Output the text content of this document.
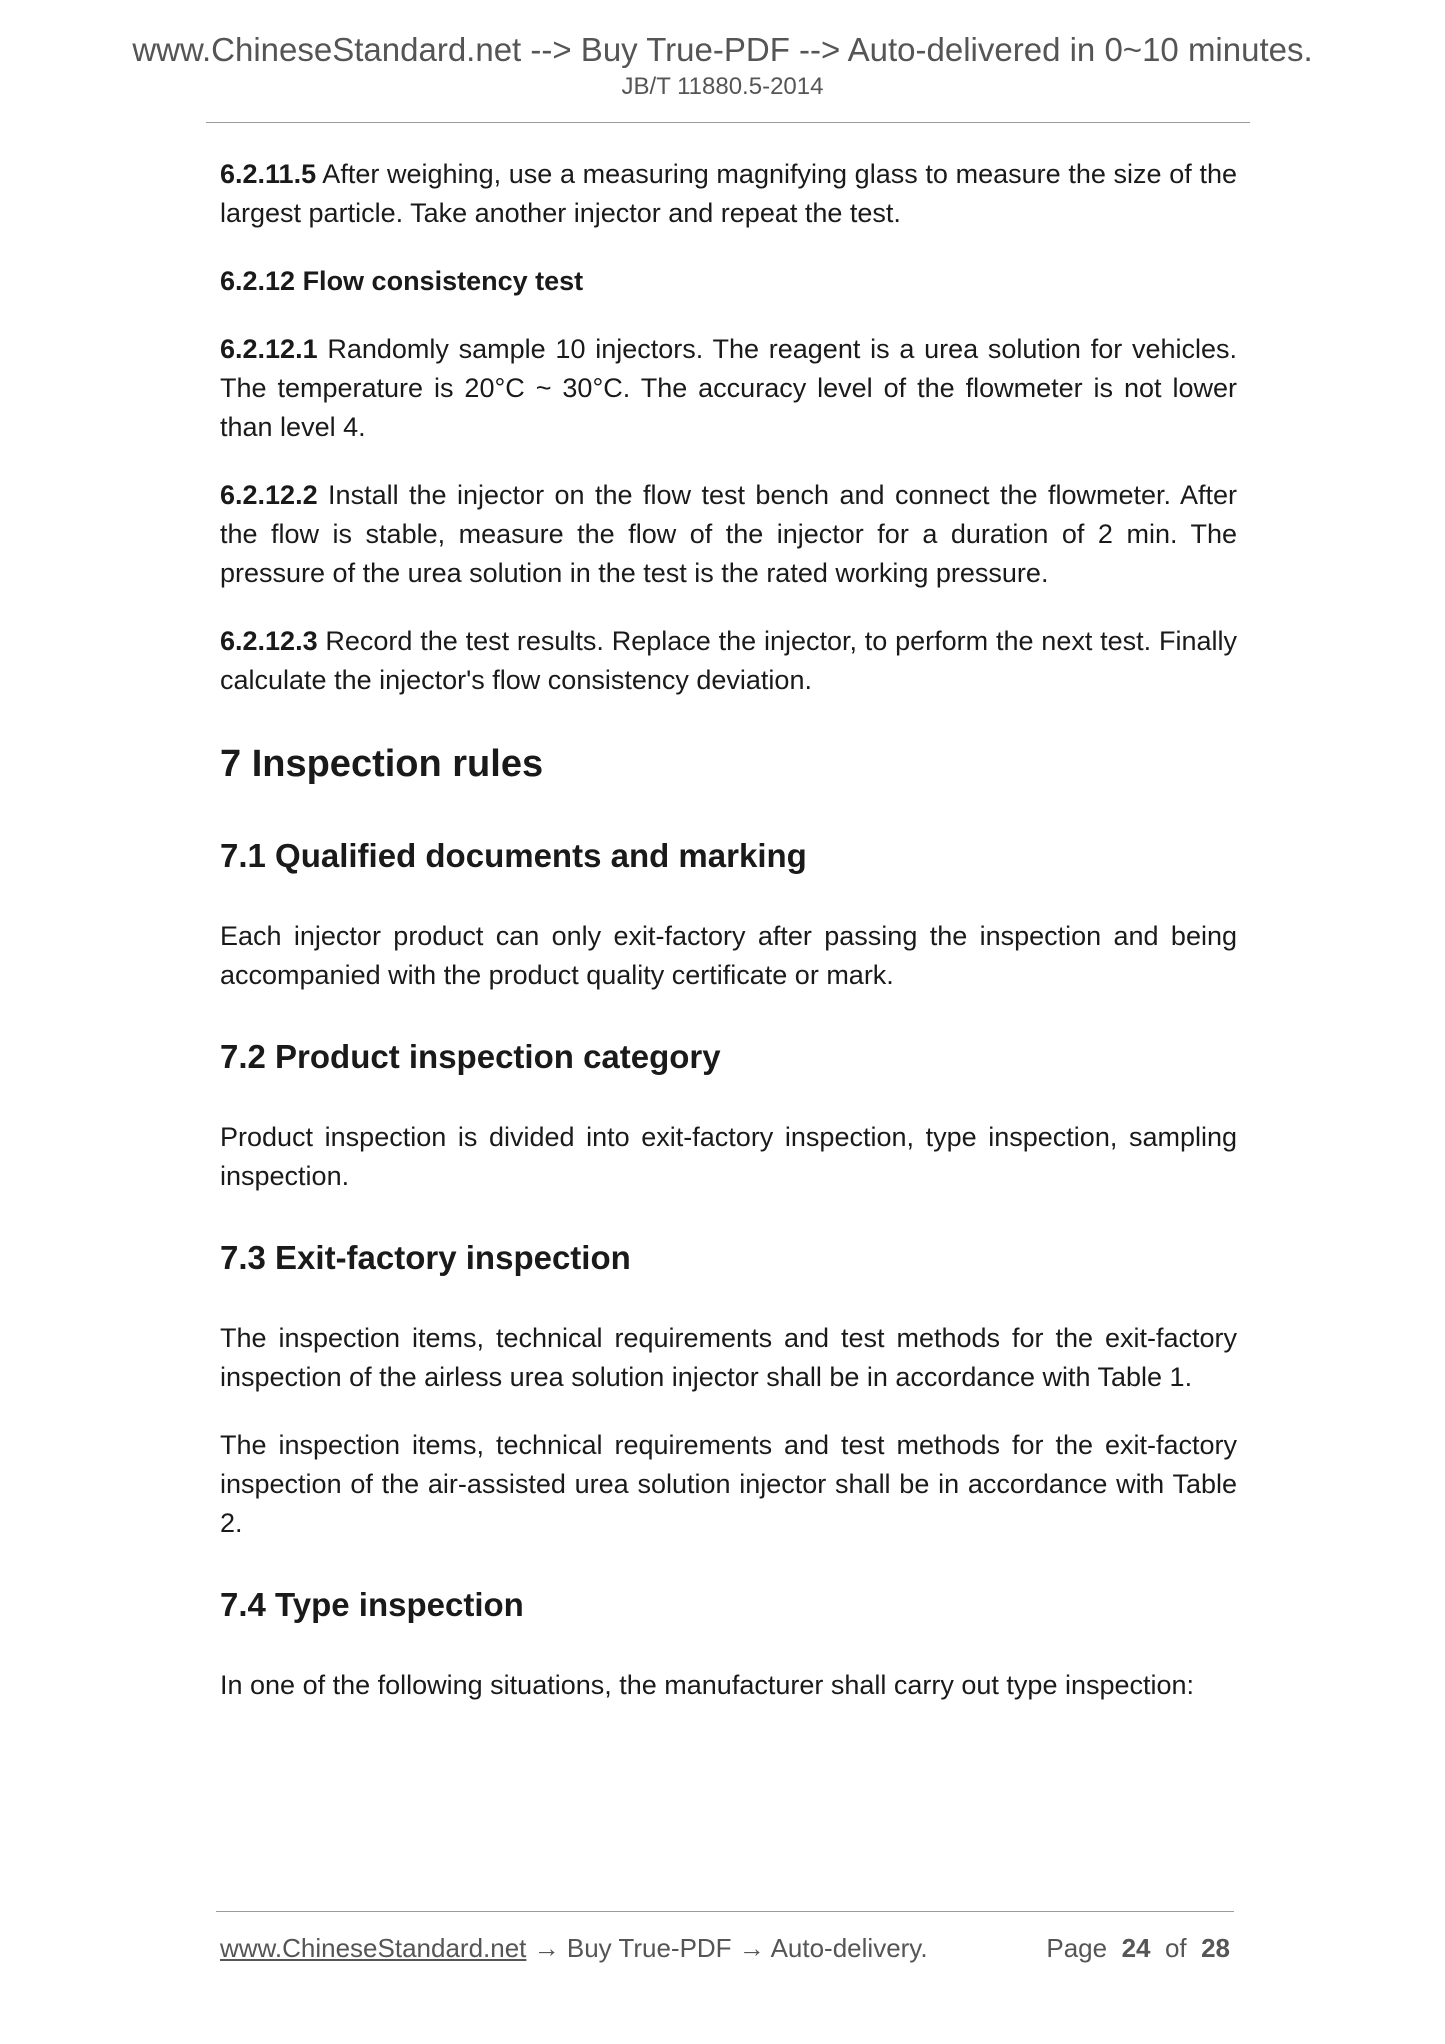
www.ChineseStandard.net --> Buy True-PDF --> Auto-delivered in 0~10 minutes.
JB/T 11880.5-2014

6.2.11.5 After weighing, use a measuring magnifying glass to measure the size of the largest particle. Take another injector and repeat the test.

6.2.12 Flow consistency test

6.2.12.1 Randomly sample 10 injectors. The reagent is a urea solution for vehicles. The temperature is 20°C ~ 30°C. The accuracy level of the flowmeter is not lower than level 4.

6.2.12.2 Install the injector on the flow test bench and connect the flowmeter. After the flow is stable, measure the flow of the injector for a duration of 2 min. The pressure of the urea solution in the test is the rated working pressure.

6.2.12.3 Record the test results. Replace the injector, to perform the next test. Finally calculate the injector's flow consistency deviation.

7 Inspection rules
7.1 Qualified documents and marking

Each injector product can only exit-factory after passing the inspection and being accompanied with the product quality certificate or mark.

7.2 Product inspection category

Product inspection is divided into exit-factory inspection, type inspection, sampling inspection.

7.3 Exit-factory inspection

The inspection items, technical requirements and test methods for the exit-factory inspection of the airless urea solution injector shall be in accordance with Table 1.

The inspection items, technical requirements and test methods for the exit-factory inspection of the air-assisted urea solution injector shall be in accordance with Table 2.

7.4 Type inspection

In one of the following situations, the manufacturer shall carry out type inspection:

www.ChineseStandard.net → Buy True-PDF → Auto-delivery.	Page 24 of 28
